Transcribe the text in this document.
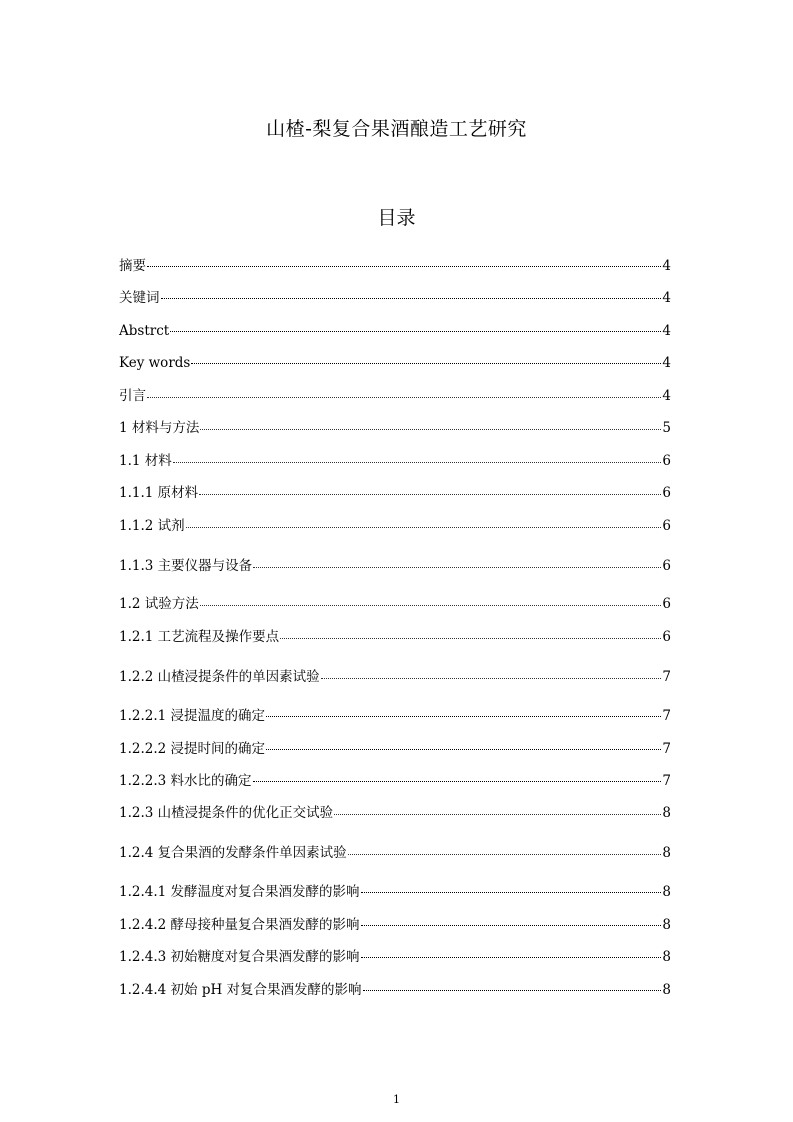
山楂-梨复合果酒酿造工艺研究
目录
摘要	4
关键词	4
Abstrct	4
Key words	4
引言	4
1 材料与方法	5
1.1 材料	6
1.1.1 原材料	6
1.1.2 试剂	6
1.1.3 主要仪器与设备	6
1.2 试验方法	6
1.2.1 工艺流程及操作要点	6
1.2.2 山楂浸提条件的单因素试验	7
1.2.2.1 浸提温度的确定	7
1.2.2.2 浸提时间的确定	7
1.2.2.3 料水比的确定	7
1.2.3 山楂浸提条件的优化正交试验	8
1.2.4 复合果酒的发酵条件单因素试验	8
1.2.4.1 发酵温度对复合果酒发酵的影响	8
1.2.4.2 酵母接种量复合果酒发酵的影响	8
1.2.4.3 初始糖度对复合果酒发酵的影响	8
1.2.4.4 初始 pH 对复合果酒发酵的影响	8
1
